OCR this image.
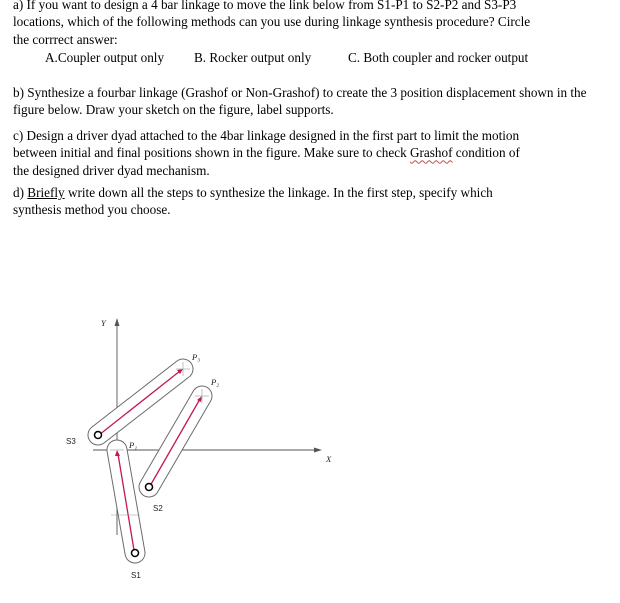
a) If you want to design a 4 bar linkage to move the link below from S1-P1 to S2-P2 and S3-P3
locations, which of the following methods can you use during linkage synthesis procedure? Circle
the corrrect answer:
A.Coupler output only B. Rocker output only	C. Both coupler and rocker output
b) Synthesize a fourbar linkage (Grashof or Non-Grashof) to create the 3 position displacement shown in the
figure below. Draw your sketch on the figure, label supports.
c) Design a driver dyad attached to the 4bar linkage designed in the first part to limit the motion
between initial and final positions shown in the figure. Make sure to check Grashof condition of
the designed driver dyad mechanism.
d) Briefly write down all the steps to synthesize the linkage. In the first step, specify which
synthesis method you choose.
Y
X
S3
S2
S1
P₁
P₂
P₃
